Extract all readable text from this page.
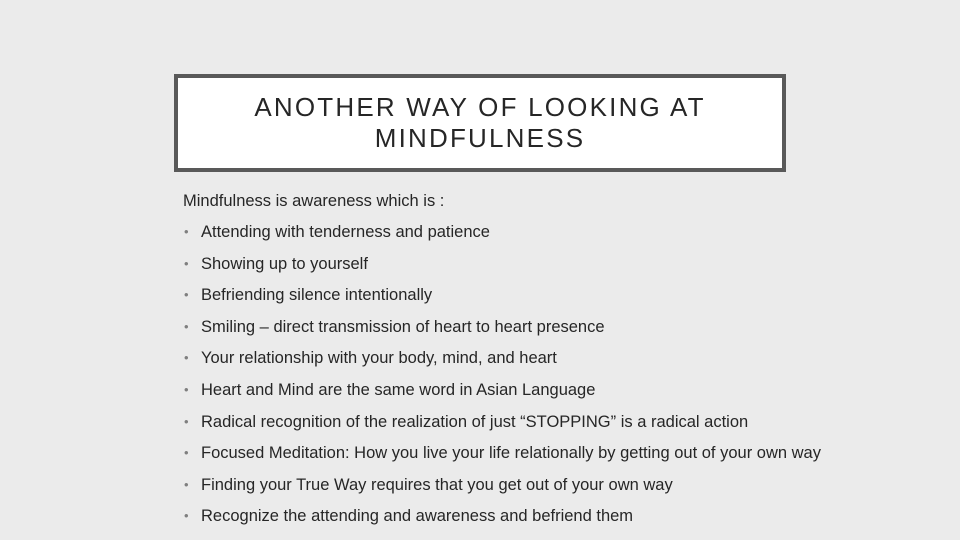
ANOTHER WAY OF LOOKING AT MINDFULNESS

Mindfulness is awareness which is :

• Attending with tenderness and patience
• Showing up to yourself
• Befriending silence intentionally
• Smiling – direct transmission of heart to heart presence
• Your relationship with your body, mind, and heart
• Heart and Mind are the same word in Asian Language
• Radical recognition of the realization of just “STOPPING” is a radical action
• Focused Meditation: How you live your life relationally by getting out of your own way
• Finding your True Way requires that you get out of your own way
• Recognize the attending and awareness and befriend them
